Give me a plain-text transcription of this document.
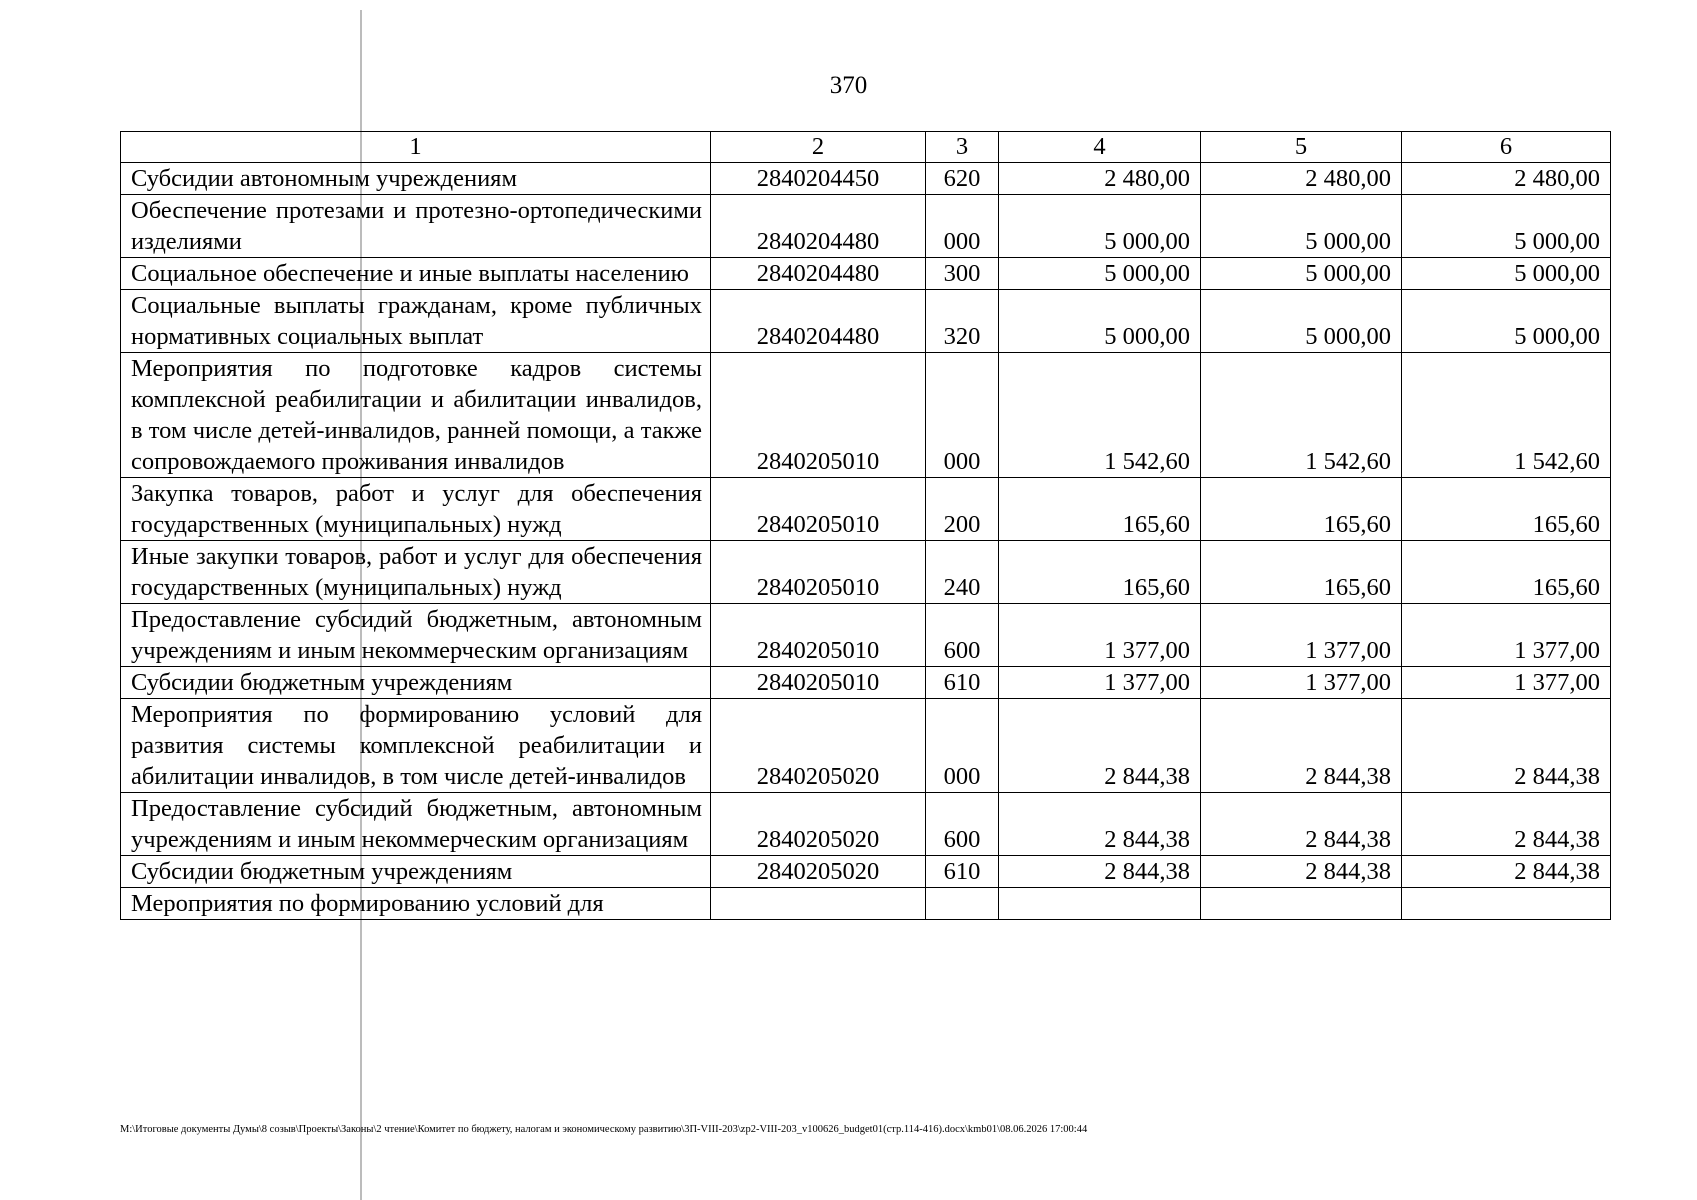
370
1	2	3	4	5	6
Субсидии автономным учреждениям	2840204450	620	2 480,00	2 480,00	2 480,00
Обеспечение протезами и протезно-ортопедическими изделиями	2840204480	000	5 000,00	5 000,00	5 000,00
Социальное обеспечение и иные выплаты населению	2840204480	300	5 000,00	5 000,00	5 000,00
Социальные выплаты гражданам, кроме публичных нормативных социальных выплат	2840204480	320	5 000,00	5 000,00	5 000,00
Мероприятия по подготовке кадров системы комплексной реабилитации и абилитации инвалидов, в том числе детей-инвалидов, ранней помощи, а также сопровождаемого проживания инвалидов	2840205010	000	1 542,60	1 542,60	1 542,60
Закупка товаров, работ и услуг для обеспечения государственных (муниципальных) нужд	2840205010	200	165,60	165,60	165,60
Иные закупки товаров, работ и услуг для обеспечения государственных (муниципальных) нужд	2840205010	240	165,60	165,60	165,60
Предоставление субсидий бюджетным, автономным учреждениям и иным некоммерческим организациям	2840205010	600	1 377,00	1 377,00	1 377,00
Субсидии бюджетным учреждениям	2840205010	610	1 377,00	1 377,00	1 377,00
Мероприятия по формированию условий для развития системы комплексной реабилитации и абилитации инвалидов, в том числе детей-инвалидов	2840205020	000	2 844,38	2 844,38	2 844,38
Предоставление субсидий бюджетным, автономным учреждениям и иным некоммерческим организациям	2840205020	600	2 844,38	2 844,38	2 844,38
Субсидии бюджетным учреждениям	2840205020	610	2 844,38	2 844,38	2 844,38
Мероприятия по формированию условий для					
M:\Итоговые документы Думы\8 созыв\Проекты\Законы\2 чтение\Комитет по бюджету, налогам и экономическому развитию\3П-VIII-203\zp2-VIII-203_v100626_budget01(стр.114-416).docx\kmb01\08.06.2026 17:00:44
